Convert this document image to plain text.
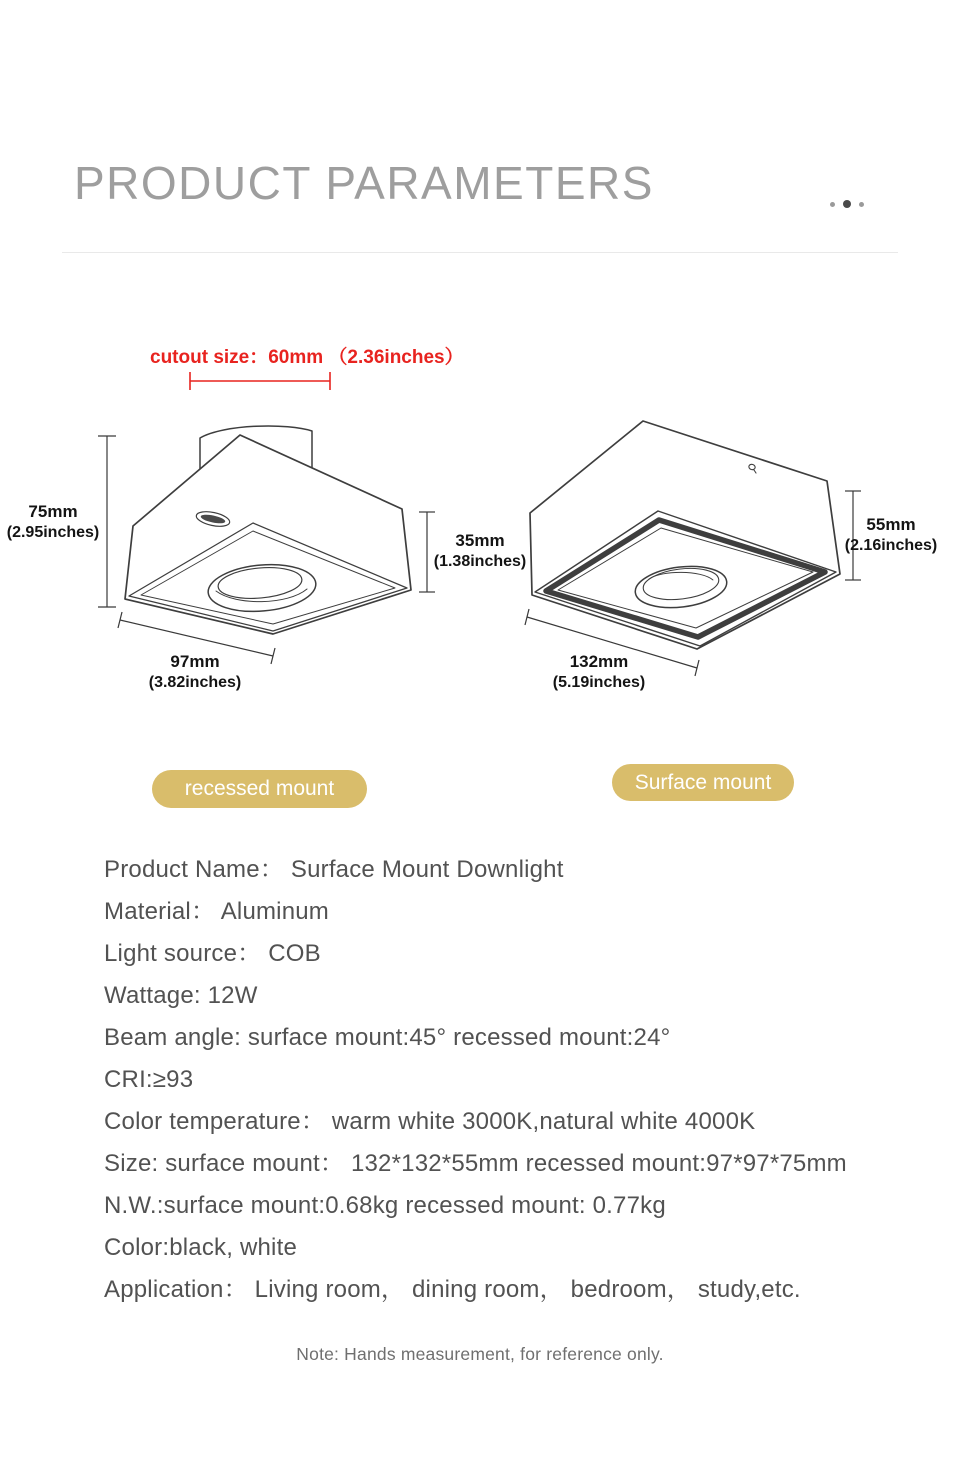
PRODUCT PARAMETERS
cutout size：60mm （2.36inches）
75mm
(2.95inches)	35mm
(1.38inches)
97mm
(3.82inches)
55mm
(2.16inches)
132mm
(5.19inches)
recessed mount	Surface mount
Product Name： Surface Mount Downlight
Material： Aluminum
Light source： COB
Wattage: 12W
Beam angle: surface mount:45° recessed mount:24°
CRI:≥93
Color temperature： warm white 3000K,natural white 4000K
Size: surface mount： 132*132*55mm recessed mount:97*97*75mm
N.W.:surface mount:0.68kg recessed mount: 0.77kg
Color:black, white
Application： Living room， dining room， bedroom， study,etc.
Note: Hands measurement, for reference only.
